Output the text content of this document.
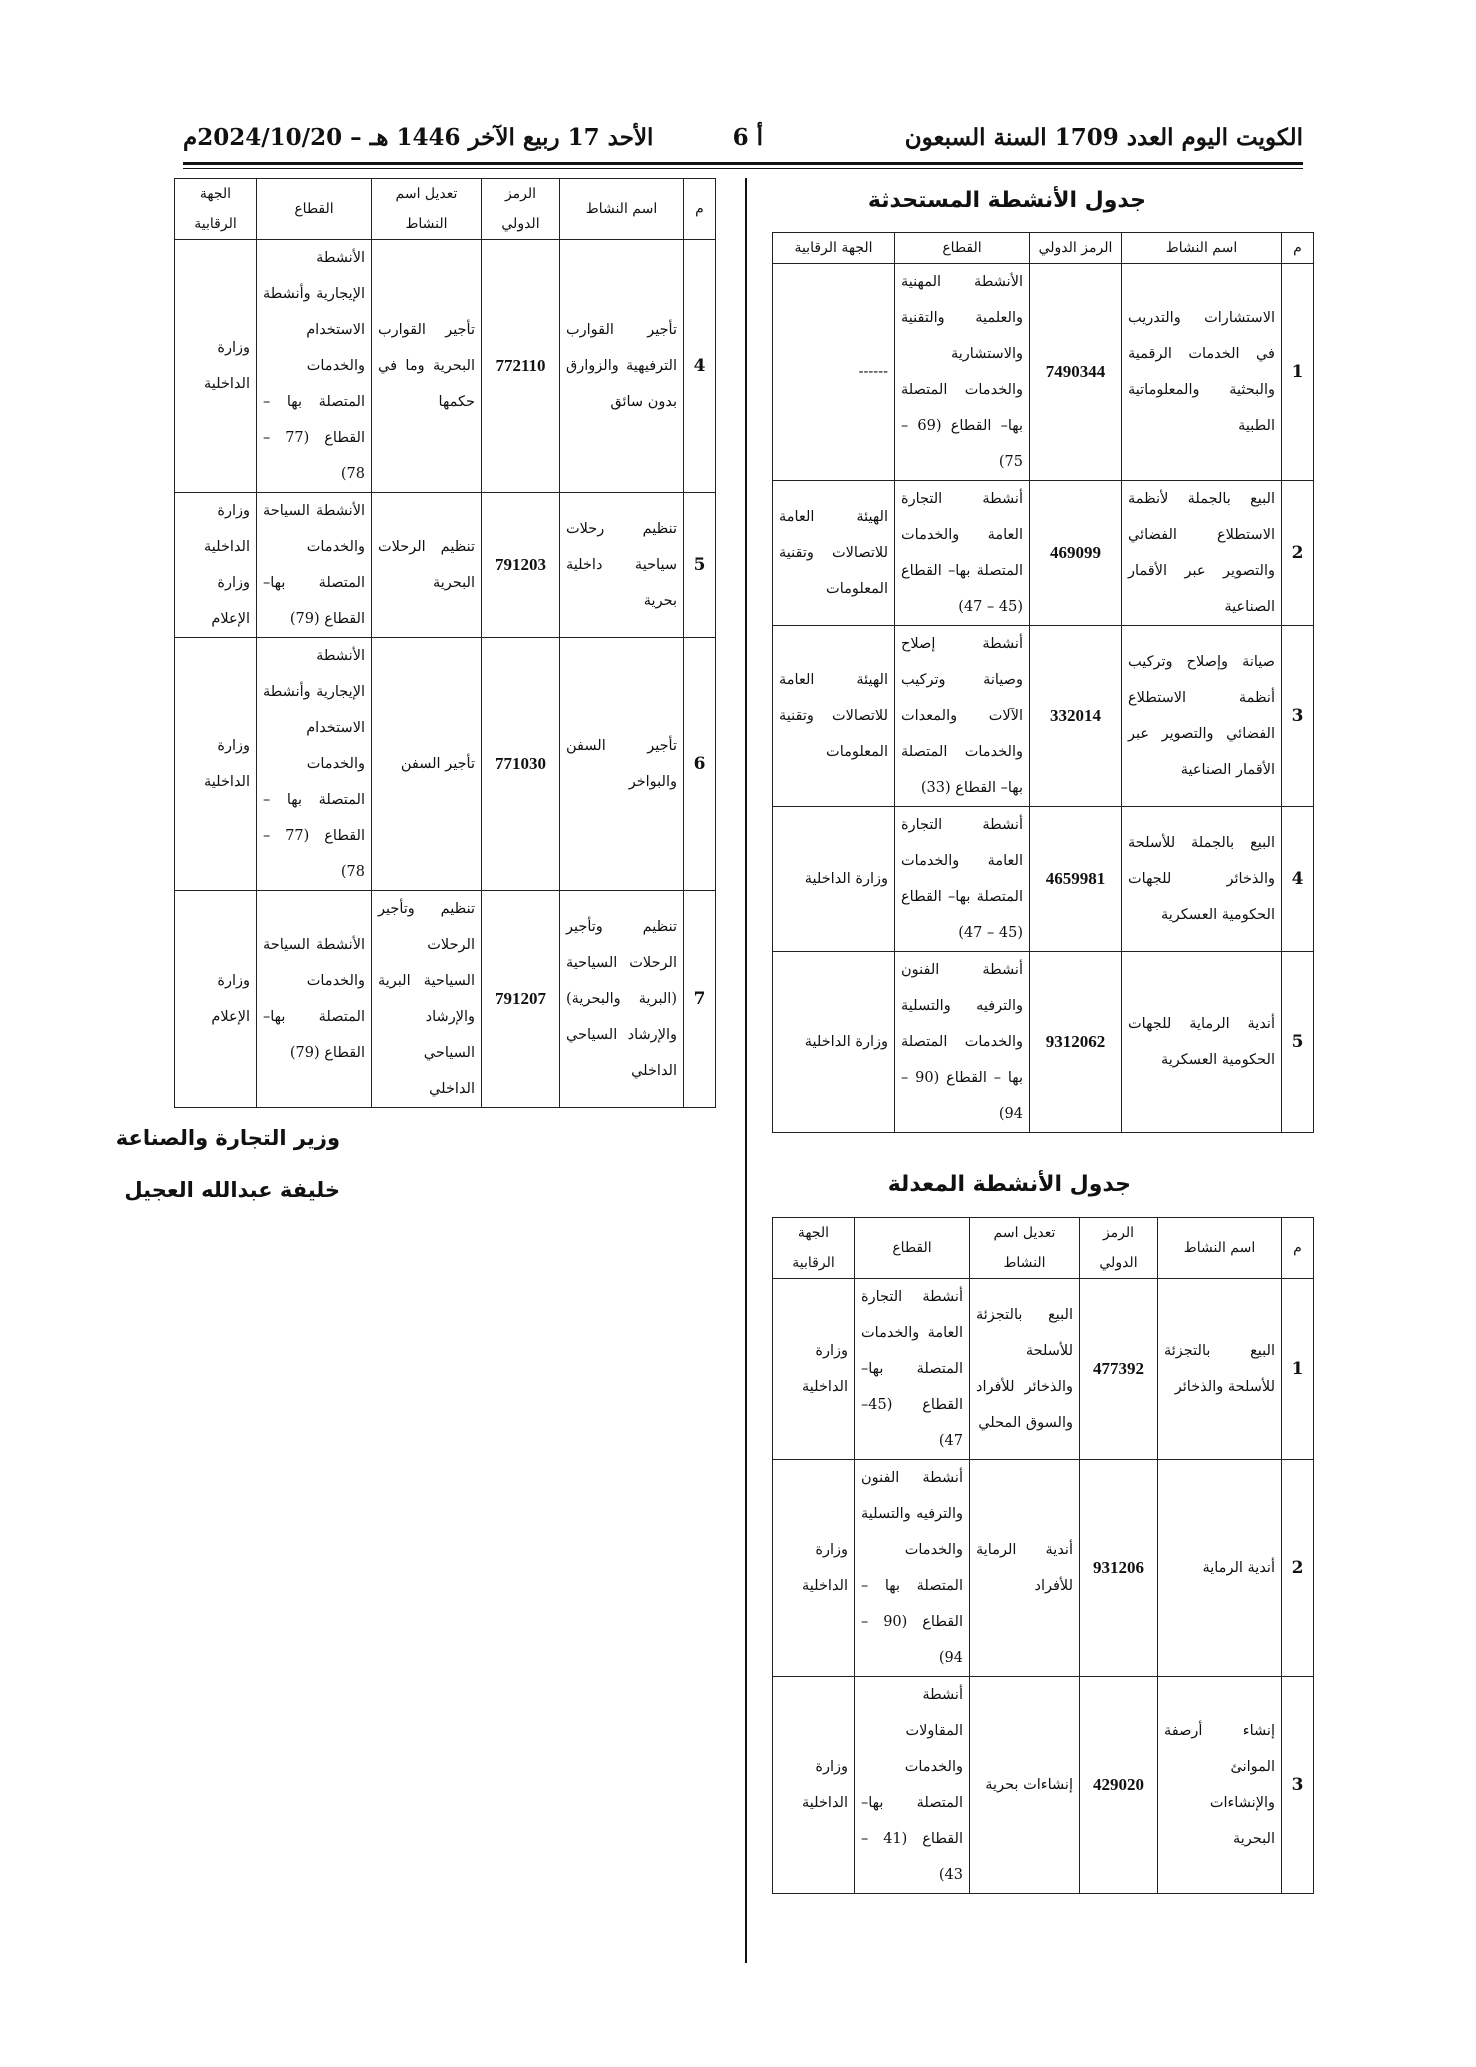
الكويت اليوم العدد 1709 السنة السبعون
أ 6
الأحد 17 ربيع الآخر 1446 هـ – 2024/10/20م
جدول الأنشطة المستحدثة
م	اسم النشاط	الرمز الدولي	القطاع	الجهة الرقابية
1	الاستشارات والتدريب في الخدمات الرقمية والبحثية والمعلوماتية الطبية	7490344	الأنشطة المهنية والعلمية والتقنية والاستشارية والخدمات المتصلة بها– القطاع (69 – 75)	------
2	البيع بالجملة لأنظمة الاستطلاع الفضائي والتصوير عبر الأقمار الصناعية	469099	أنشطة التجارة العامة والخدمات المتصلة بها– القطاع (45 – 47)	الهيئة العامة للاتصالات وتقنية المعلومات
3	صيانة وإصلاح وتركيب أنظمة الاستطلاع الفضائي والتصوير عبر الأقمار الصناعية	332014	أنشطة إصلاح وصيانة وتركيب الآلات والمعدات والخدمات المتصلة بها– القطاع (33)	الهيئة العامة للاتصالات وتقنية المعلومات
4	البيع بالجملة للأسلحة والذخائر للجهات الحكومية العسكرية	4659981	أنشطة التجارة العامة والخدمات المتصلة بها– القطاع (45 – 47)	وزارة الداخلية
5	أندية الرماية للجهات الحكومية العسكرية	9312062	أنشطة الفنون والترفيه والتسلية والخدمات المتصلة بها – القطاع (90 – 94)	وزارة الداخلية
جدول الأنشطة المعدلة
م	اسم النشاط	الرمز الدولي	تعديل اسم النشاط	القطاع	الجهة الرقابية
1	البيع بالتجزئة للأسلحة والذخائر	477392	البيع بالتجزئة للأسلحة والذخائر للأفراد والسوق المحلي	أنشطة التجارة العامة والخدمات المتصلة بها– القطاع (45– 47)	وزارة الداخلية
2	أندية الرماية	931206	أندية الرماية للأفراد	أنشطة الفنون والترفيه والتسلية والخدمات المتصلة بها – القطاع (90 – 94)	وزارة الداخلية
3	إنشاء أرصفة الموانئ والإنشاءات البحرية	429020	إنشاءات بحرية	أنشطة المقاولات والخدمات المتصلة بها– القطاع (41 – 43)	وزارة الداخلية
م	اسم النشاط	الرمز الدولي	تعديل اسم النشاط	القطاع	الجهة الرقابية
4	تأجير القوارب الترفيهية والزوارق بدون سائق	772110	تأجير القوارب البحرية وما في حكمها	الأنشطة الإيجارية وأنشطة الاستخدام والخدمات المتصلة بها – القطاع (77 – 78)	وزارة الداخلية
5	تنظيم رحلات سياحية داخلية بحرية	791203	تنظيم الرحلات البحرية	الأنشطة السياحة والخدمات المتصلة بها– القطاع (79)	وزارة الداخلية وزارة الإعلام
6	تأجير السفن والبواخر	771030	تأجير السفن	الأنشطة الإيجارية وأنشطة الاستخدام والخدمات المتصلة بها – القطاع (77 – 78)	وزارة الداخلية
7	تنظيم وتأجير الرحلات السياحية (البرية والبحرية) والإرشاد السياحي الداخلي	791207	تنظيم وتأجير الرحلات السياحية البرية والإرشاد السياحي الداخلي	الأنشطة السياحة والخدمات المتصلة بها– القطاع (79)	وزارة الإعلام
وزير التجارة والصناعة
خليفة عبدالله العجيل
